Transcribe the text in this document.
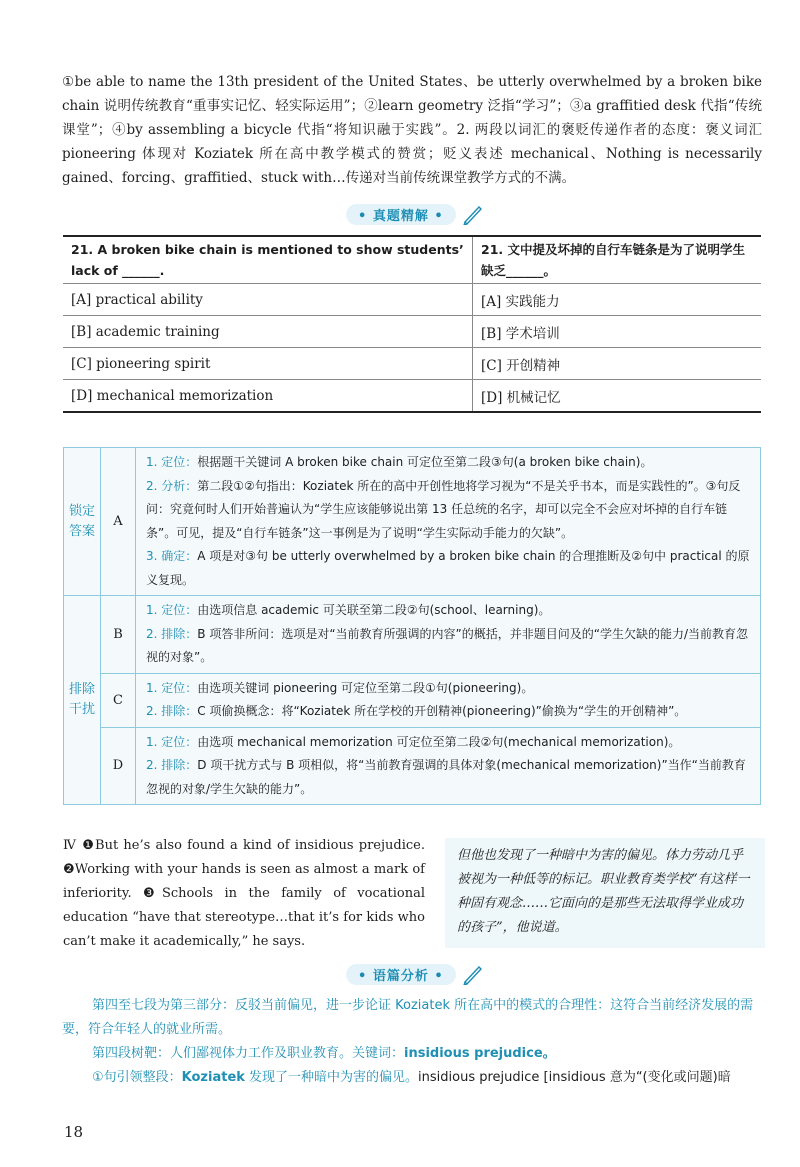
①be able to name the 13th president of the United States、be utterly overwhelmed by a broken bike chain 说明传统教育“重事实记忆、轻实际运用”；②learn geometry 泛指“学习”；③a graffitied desk 代指“传统课堂”；④by assembling a bicycle 代指“将知识融于实践”。2. 两段以词汇的褒贬传递作者的态度：褒义词汇 pioneering 体现对 Koziatek 所在高中教学模式的赞赏；贬义表述 mechanical、Nothing is necessarily gained、forcing、graffitied、stuck with…传递对当前传统课堂教学方式的不满。

• 真题精解 •
21. A broken bike chain is mentioned to show students’ lack of ______.	21. 文中提及坏掉的自行车链条是为了说明学生缺乏______。
[A] practical ability	[A] 实践能力
[B] academic training	[B] 学术培训
[C] pioneering spirit	[C] 开创精神
[D] mechanical memorization	[D] 机械记忆
锁定答案	A	1. 定位：根据题干关键词 A broken bike chain 可定位至第二段③句(a broken bike chain)。
2. 分析：第二段①②句指出：Koziatek 所在的高中开创性地将学习视为“不是关乎书本，而是实践性的”。③句反问：究竟何时人们开始普遍认为“学生应该能够说出第 13 任总统的名字，却可以完全不会应对坏掉的自行车链条”。可见，提及“自行车链条”这一事例是为了说明“学生实际动手能力的欠缺”。
3. 确定：A 项是对③句 be utterly overwhelmed by a broken bike chain 的合理推断及②句中 practical 的原义复现。

排除干扰	B	1. 定位：由选项信息 academic 可关联至第二段②句(school、learning)。
2. 排除：B 项答非所问：选项是对“当前教育所强调的内容”的概括，并非题目问及的“学生欠缺的能力/当前教育忽视的对象”。

	C	1. 定位：由选项关键词 pioneering 可定位至第二段①句(pioneering)。
2. 排除：C 项偷换概念：将“Koziatek 所在学校的开创精神(pioneering)”偷换为“学生的开创精神”。

	D	1. 定位：由选项 mechanical memorization 可定位至第二段②句(mechanical memorization)。
2. 排除：D 项干扰方式与 B 项相似，将“当前教育强调的具体对象(mechanical memorization)”当作“当前教育忽视的对象/学生欠缺的能力”。

Ⅳ ❶But he’s also found a kind of insidious prejudice. ❷Working with your hands is seen as almost a mark of inferiority. ❸Schools in the family of vocational education “have that stereotype…that it’s for kids who can’t make it academically,” he says.

但他也发现了一种暗中为害的偏见。体力劳动几乎被视为一种低等的标记。职业教育类学校“有这样一种固有观念……它面向的是那些无法取得学业成功的孩子”，他说道。

• 语篇分析 •

第四至七段为第三部分：反驳当前偏见，进一步论证 Koziatek 所在高中的模式的合理性：这符合当前经济发展的需要，符合年轻人的就业所需。

第四段树靶：人们鄙视体力工作及职业教育。关键词：insidious prejudice。

①句引领整段：Koziatek 发现了一种暗中为害的偏见。insidious prejudice [insidious 意为“(变化或问题)暗

18
